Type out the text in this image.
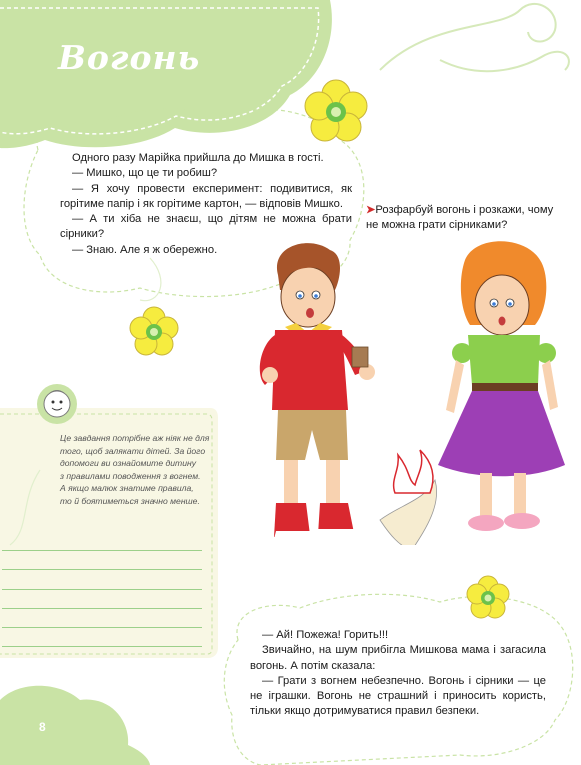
Вогонь

Одного разу Марійка прийшла до Мишка в гості.

— Мишко, що це ти робиш?

— Я хочу провести експеримент: подивитися, як горітиме папір і як горітиме картон, — відповів Мишко.

— А ти хіба не знаєш, що дітям не можна брати сірники?

— Знаю. Але я ж обережно.

➤Розфарбуй вогонь і розкажи, чому не можна грати сірниками?

Це завдання потрібне аж ніяк не для

того, щоб залякати дітей. За його

допомоги ви ознайомите дитину

з правилами поводження з вогнем.

А якщо малюк знатиме правила,

то й боятиметься значно менше.

— Ай! Пожежа! Горить!!!

Звичайно, на шум прибігла Мишкова мама і загасила вогонь. А потім сказала:

— Грати з вогнем небезпечно. Вогонь і сірники — це не іграшки. Вогонь не страшний і приносить користь, тільки якщо дотримуватися правил безпеки.

8
